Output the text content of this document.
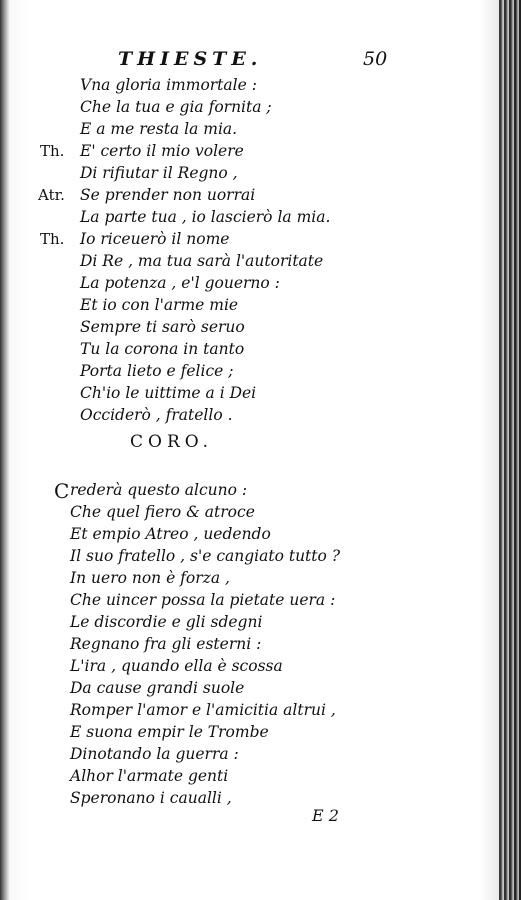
THIESTE.	50
Vna gloria immortale :
Che la tua e gia fornita ;
E a me resta la mia.
Th. E' certo il mio volere
Di rifiutar il Regno ,
Atr. Se prender non uorrai
La parte tua , io lascierò la mia.
Th. Io riceuerò il nome
Di Re , ma tua sarà l'autoritate
La potenza , e'l gouerno :
Et io con l'arme mie
Sempre ti sarò seruo
Tu la corona in tanto
Porta lieto e felice ;
Ch'io le uittime a i Dei
Occiderò , fratello .
CORO.
C rederà questo alcuno :
Che quel fiero & atroce
Et empio Atreo , uedendo
Il suo fratello , s'e cangiato tutto ?
In uero non è forza ,
Che uincer possa la pietate uera :
Le discordie e gli sdegni
Regnano fra gli esterni :
L'ira , quando ella è scossa
Da cause grandi suole
Romper l'amor e l'amicitia altrui ,
E suona empir le Trombe
Dinotando la guerra :
Alhor l'armate genti
Speronano i caualli ,
E 2
